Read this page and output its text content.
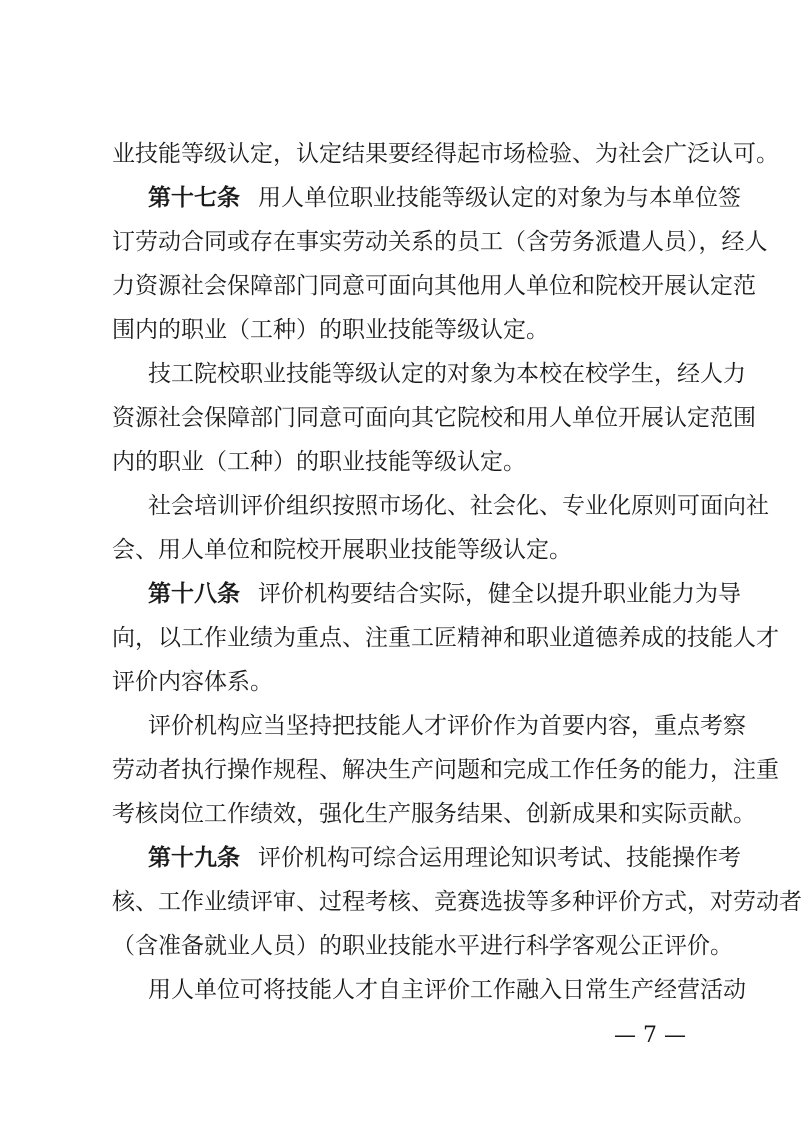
业技能等级认定，认定结果要经得起市场检验、为社会广泛认可。
第十七条 用人单位职业技能等级认定的对象为与本单位签
订劳动合同或存在事实劳动关系的员工（含劳务派遣人员），经人
力资源社会保障部门同意可面向其他用人单位和院校开展认定范
围内的职业（工种）的职业技能等级认定。
技工院校职业技能等级认定的对象为本校在校学生，经人力
资源社会保障部门同意可面向其它院校和用人单位开展认定范围
内的职业（工种）的职业技能等级认定。
社会培训评价组织按照市场化、社会化、专业化原则可面向社
会、用人单位和院校开展职业技能等级认定。
第十八条 评价机构要结合实际，健全以提升职业能力为导
向，以工作业绩为重点、注重工匠精神和职业道德养成的技能人才
评价内容体系。
评价机构应当坚持把技能人才评价作为首要内容，重点考察
劳动者执行操作规程、解决生产问题和完成工作任务的能力，注重
考核岗位工作绩效，强化生产服务结果、创新成果和实际贡献。
第十九条 评价机构可综合运用理论知识考试、技能操作考
核、工作业绩评审、过程考核、竞赛选拔等多种评价方式，对劳动者
（含准备就业人员）的职业技能水平进行科学客观公正评价。
用人单位可将技能人才自主评价工作融入日常生产经营活动
— 7 —
